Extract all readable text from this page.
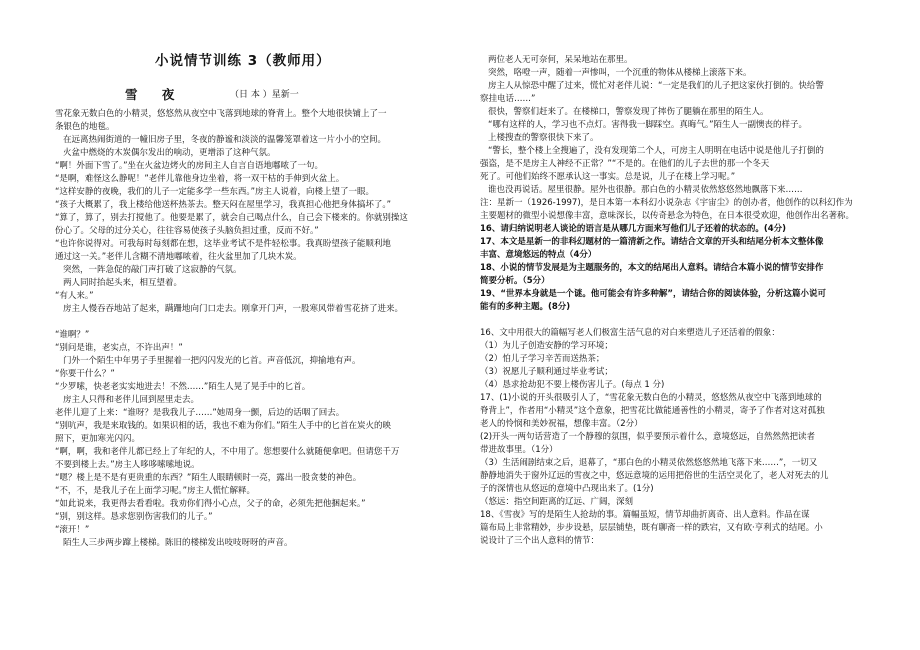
小说情节训练 3（教师用）
雪 夜	（日 本 ）星新一
雪花象无数白色的小精灵，悠悠然从夜空中飞落到地球的脊背上。整个大地很快铺上了一
条银色的地毯。
在远离热闹街道的一幢旧房子里，冬夜的静谧和淡淡的温馨笼罩着这一片小小的空间。
火盆中燃烧的木炭偶尔发出的响动，更增添了这种气氛。
“啊！外面下雪了。”坐在火盆边烤火的房间主人自言自语地嘟哝了一句。
“是啊，难怪这么静呢！”老伴儿靠他身边坐着，将一双干枯的手伸到火盆上。
“这样安静的夜晚，我们的儿子一定能多学一些东西。”房主人说着，向楼上望了一眼。
“孩子大概累了，我上楼给他送杯热茶去。整天闷在屋里学习，我真担心他把身体搞坏了。”
“算了，算了，别去打搅他了。他要是累了，就会自己喝点什么，自己会下楼来的。你就别操这
份心了。父母的过分关心，往往容易使孩子头脑负担过重，反而不好。”
“也许你说得对。可我每时每刻都在想，这毕业考试不是件轻松事。我真盼望孩子能顺利地
通过这一关。”老伴儿含糊不清地嘟哝着，往火盆里加了几块木炭。
突然，一阵急促的敲门声打破了这寂静的气氛。
两人同时抬起头来，相互望着。
“有人来。”
房主人慢吞吞地站了起来，蹒跚地向门口走去。刚拿开门声，一股寒风带着雪花挤了进来。
“谁啊？”
“别问是谁，老实点，不许出声！”
门外一个陌生中年男子手里握着一把闪闪发光的匕首。声音低沉，抑揄地有声。
“你要干什么？”
“少罗嗦，快老老实实地进去！不然……”陌生人晃了晃手中的匕首。
房主人只得和老伴儿回到屋里走去。
老伴儿迎了上来：“谁呀？是我我儿子……”她周身一颤，后边的话咽了回去。
“别吭声，我是来取钱的。如果识相的话，我也不难为你们。”陌生人手中的匕首在炭火的映
照下，更加寒光闪闪。
“啊，啊，我和老伴儿都已经上了年纪的人，不中用了。您想要什么就随便拿吧。但请您千万
不要到楼上去。”房主人哆哆嗦嗦地说。
“嗯？楼上是不是有更贵重的东西？”陌生人眼睛顿时一亮，露出一股贪婪的神色。
“不，不，是我儿子在上面学习呢。”房主人慌忙解释。
“如此说来，我更得去看看啦。我劝你们得小心点，父子的命，必须先把他捆起来。”
“别，别这样。恳求您别伤害我们的儿子。”
“滚开！”
陌生人三步两步蹿上楼梯。陈旧的楼梯发出吱吱呀呀的声音。
两位老人无可奈何，呆呆地站在那里。
突然，咯噔一声，随着一声惨叫，一个沉重的物体从楼梯上滚落下来。
房主人从惊恐中醒了过来，慌忙对老伴儿说：“一定是我们的儿子把这家伙打倒的。快给警
察挂电话……”
很快，警察们赶来了。在楼梯口，警察发现了摔伤了腿躺在那里的陌生人。
“哪有这样的人，学习也不点灯。害得我一脚踩空。真晦气。”陌生人一副懊丧的样子。
上楼搜查的警察很快下来了。
“警长，整个楼上全搜遍了，没有发现第二个人，可房主人明明在电话中说是他儿子打倒的
强盗，是不是房主人神经不正常？”“不是的。在他们的儿子去世的那一个冬天
死了。可他们始终不愿承认这一事实。总是说，儿子在楼上学习呢。”
谁也没再说话。屋里很静。屋外也很静。那白色的小精灵依然悠悠然地飘落下来……
注：星新一（1926-1997)，是日本第一本科幻小说杂志《宇宙尘》的创办者，他创作的以科幻作为
主要题材的微型小说想像丰富，意味深长，以传奇悬念为特色，在日本很受欢迎，他创作出名著称。
16、请归纳说明老人谈论的语言是从哪几方面来写他们儿子还着的状态的。(4分)
17、本文是星新一的非科幻题材的一篇清新之作。请结合文章的开头和结尾分析本文整体像
丰富、意境悠远的特点（4分）
18、小说的情节发展是为主题服务的，本文的结尾出人意料。请结合本篇小说的情节安排作
简要分析。（5分）
19、“世界本身就是一个谜。他可能会有许多种解”，请结合你的阅读体验，分析这篇小说可
能有的多种主题。(8分)
16、文中用很大的篇幅写老人们极富生活气息的对白来塑造儿子还活着的假象：
（1）为儿子创造安静的学习环境；
（2）怕儿子学习辛苦而送热茶；
（3）祝愿儿子顺利通过毕业考试；
（4）恳求抢劫犯不要上楼伤害儿子。(每点 1 分)
17、(1)小说的开头很吸引人了，“雪花象无数白色的小精灵，悠悠然从夜空中飞落到地球的
脊背上”，作者用“小精灵”这个意象，把雪花比做能通善性的小精灵，寄予了作者对这对孤独
老人的怜悯和美妙祝福，想像丰富。（2分）
(2)开头一两句话营造了一个静穆的氛围，似乎要预示着什么，意境悠远，自然然然把读者
带进故事里。（1分）
（3）生活闹剧结束之后，退幕了，“那白色的小精灵依然悠悠然地飞落下来……”，一切又
静静地消失于窗外辽远的雪夜之中，悠远意境的运用把俗世的生活空灵化了，老人对死去的儿
子的深情也从悠远的意境中凸现出来了。(1分)
（悠远：指空间距离的辽远、广阔，深刻
18、《雪夜》写的是陌生人抢劫的事。篇幅虽短，情节却曲折离奇、出人意料。作品在谋
篇布局上非常精妙，步步设悬，层层铺垫，既有聊斋一样的跌宕，又有欧·亨利式的结尾。小
说设计了三个出人意料的情节：
